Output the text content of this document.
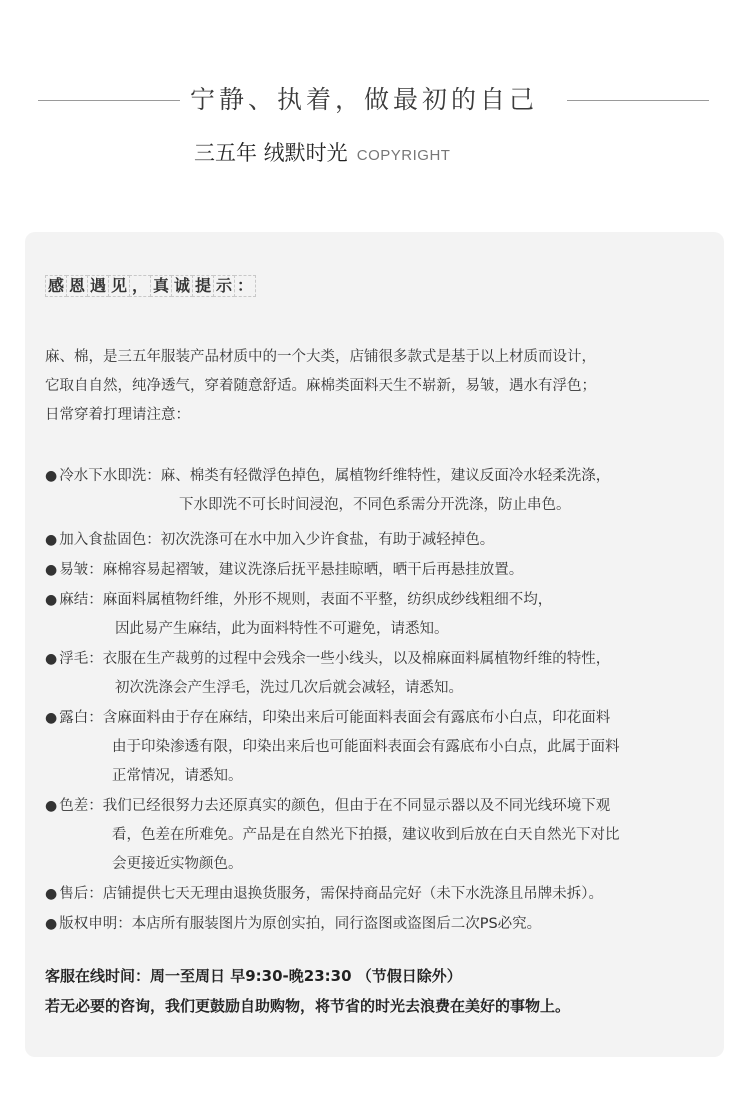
宁静、执着，做最初的自己
三五年 绒默时光 COPYRIGHT
感 恩 遇 见 ， 真 诚 提 示 ：
麻、棉，是三五年服装产品材质中的一个大类，店铺很多款式是基于以上材质而设计，
它取自自然，纯净透气，穿着随意舒适。麻棉类面料天生不崭新，易皱，遇水有浮色；
日常穿着打理请注意：
● 冷水下水即洗：麻、棉类有轻微浮色掉色，属植物纤维特性，建议反面冷水轻柔洗涤，
下水即洗不可长时间浸泡，不同色系需分开洗涤，防止串色。
● 加入食盐固色：初次洗涤可在水中加入少许食盐，有助于减轻掉色。
● 易皱：麻棉容易起褶皱，建议洗涤后抚平悬挂晾晒，晒干后再悬挂放置。
● 麻结：麻面料属植物纤维，外形不规则，表面不平整，纺织成纱线粗细不均，
因此易产生麻结，此为面料特性不可避免，请悉知。
● 浮毛：衣服在生产裁剪的过程中会残余一些小线头，以及棉麻面料属植物纤维的特性，
初次洗涤会产生浮毛，洗过几次后就会减轻，请悉知。
● 露白：含麻面料由于存在麻结，印染出来后可能面料表面会有露底布小白点，印花面料
由于印染渗透有限，印染出来后也可能面料表面会有露底布小白点，此属于面料
正常情况，请悉知。
● 色差：我们已经很努力去还原真实的颜色，但由于在不同显示器以及不同光线环境下观
看，色差在所难免。产品是在自然光下拍摄，建议收到后放在白天自然光下对比
会更接近实物颜色。
● 售后：店铺提供七天无理由退换货服务，需保持商品完好（未下水洗涤且吊牌未拆）。
● 版权申明：本店所有服装图片为原创实拍，同行盗图或盗图后二次PS必究。
客服在线时间：周一至周日 早9:30-晚23:30 （节假日除外）
若无必要的咨询，我们更鼓励自助购物，将节省的时光去浪费在美好的事物上。
